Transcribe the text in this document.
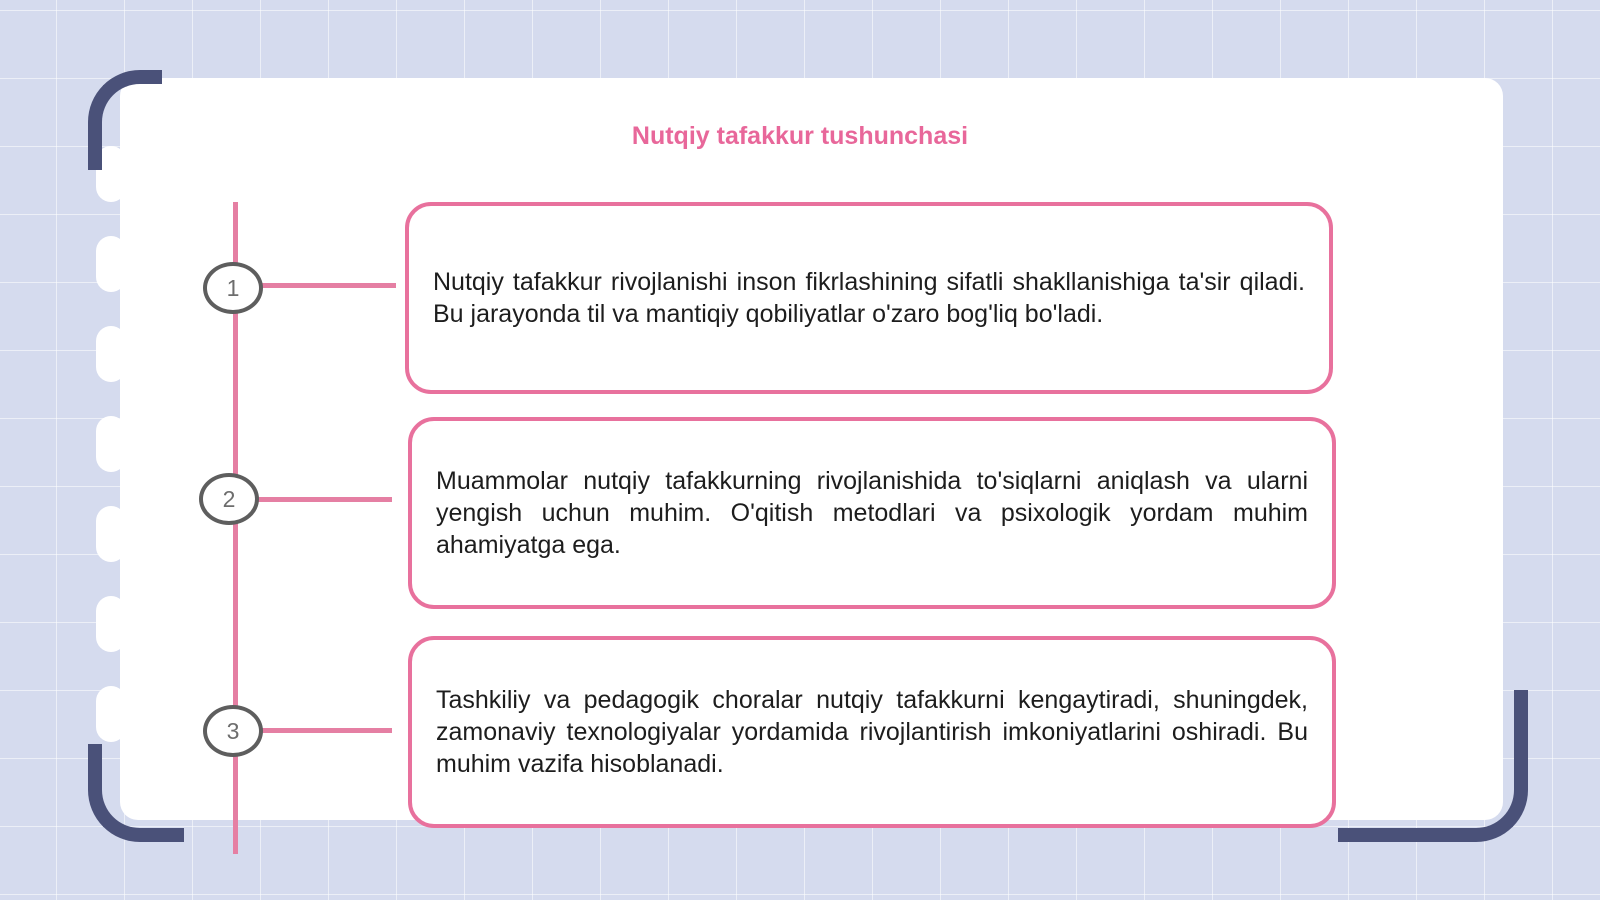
Nutqiy tafakkur tushunchasi
1	Nutqiy tafakkur rivojlanishi inson fikrlashining sifatli shakllanishiga ta'sir qiladi. Bu jarayonda til va mantiqiy qobiliyatlar o'zaro bog'liq bo'ladi.

2

Muammolar nutqiy tafakkurning rivojlanishida to'siqlarni aniqlash va ularni yengish uchun muhim. O'qitish metodlari va psixologik yordam muhim ahamiyatga ega.

3

Tashkiliy va pedagogik choralar nutqiy tafakkurni kengaytiradi, shuningdek, zamonaviy texnologiyalar yordamida rivojlantirish imkoniyatlarini oshiradi. Bu muhim vazifa hisoblanadi.
